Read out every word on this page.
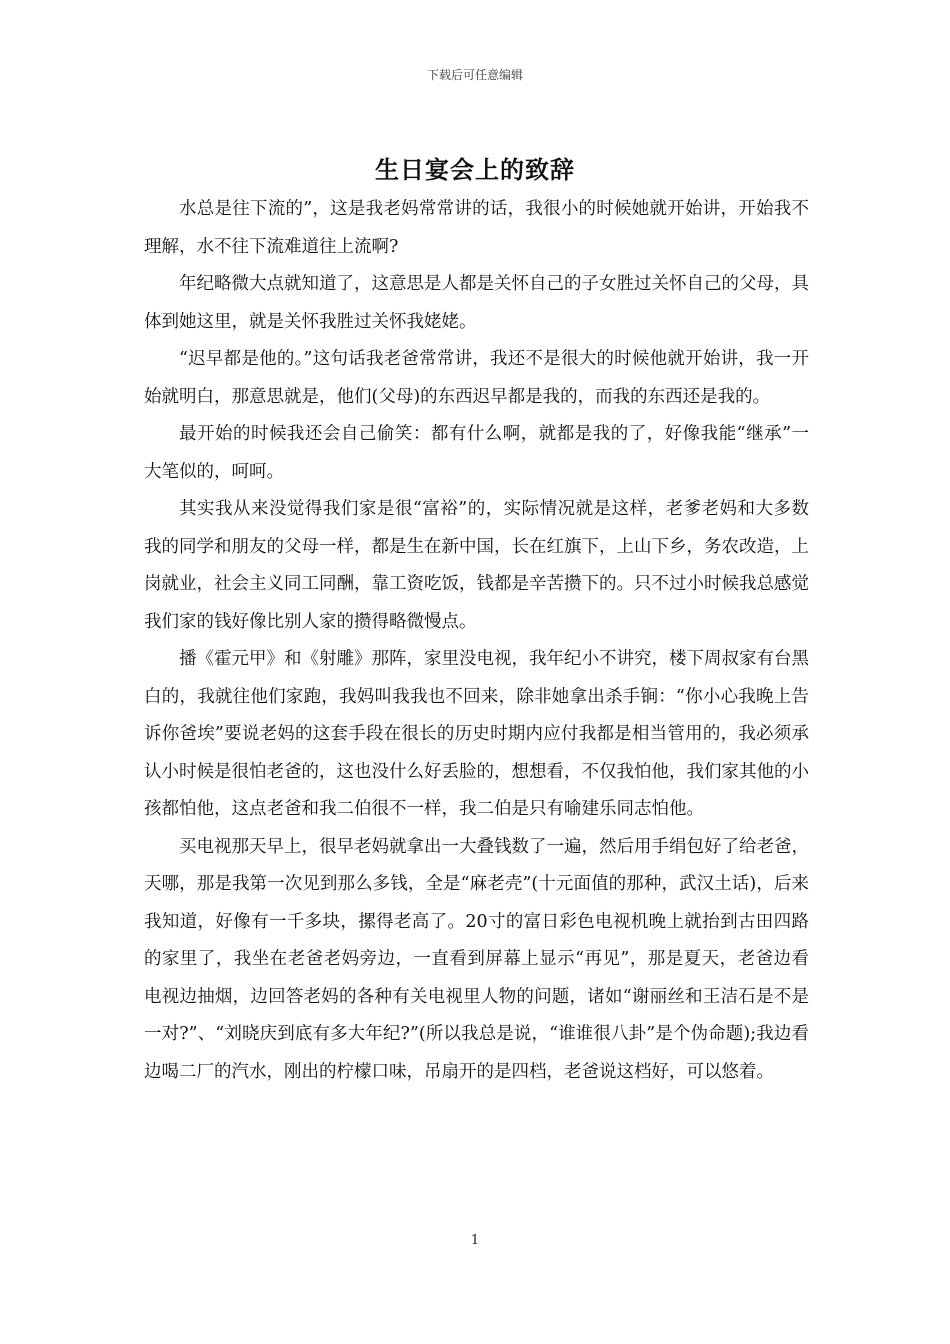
下载后可任意编辑
生日宴会上的致辞

水总是往下流的”，这是我老妈常常讲的话，我很小的时候她就开始讲，开始我不理解，水不往下流难道往上流啊?

年纪略微大点就知道了，这意思是人都是关怀自己的子女胜过关怀自己的父母，具体到她这里，就是关怀我胜过关怀我姥姥。

“迟早都是他的。”这句话我老爸常常讲，我还不是很大的时候他就开始讲，我一开始就明白，那意思就是，他们(父母)的东西迟早都是我的，而我的东西还是我的。

最开始的时候我还会自己偷笑：都有什么啊，就都是我的了，好像我能“继承”一大笔似的，呵呵。

其实我从来没觉得我们家是很“富裕”的，实际情况就是这样，老爹老妈和大多数我的同学和朋友的父母一样，都是生在新中国，长在红旗下，上山下乡，务农改造，上岗就业，社会主义同工同酬，靠工资吃饭，钱都是辛苦攒下的。只不过小时候我总感觉我们家的钱好像比别人家的攒得略微慢点。

播《霍元甲》和《射雕》那阵，家里没电视，我年纪小不讲究，楼下周叔家有台黑白的，我就往他们家跑，我妈叫我我也不回来，除非她拿出杀手锏：“你小心我晚上告诉你爸埃”要说老妈的这套手段在很长的历史时期内应付我都是相当管用的，我必须承认小时候是很怕老爸的，这也没什么好丢脸的，想想看，不仅我怕他，我们家其他的小孩都怕他，这点老爸和我二伯很不一样，我二伯是只有喻建乐同志怕他。

买电视那天早上，很早老妈就拿出一大叠钱数了一遍，然后用手绢包好了给老爸，天哪，那是我第一次见到那么多钱，全是“麻老壳”(十元面值的那种，武汉土话)，后来我知道，好像有一千多块，摞得老高了。20寸的富日彩色电视机晚上就抬到古田四路的家里了，我坐在老爸老妈旁边，一直看到屏幕上显示“再见”，那是夏天，老爸边看电视边抽烟，边回答老妈的各种有关电视里人物的问题，诸如“谢丽丝和王洁石是不是一对?”、“刘晓庆到底有多大年纪?”(所以我总是说，“谁谁很八卦”是个伪命题);我边看边喝二厂的汽水，刚出的柠檬口味，吊扇开的是四档，老爸说这档好，可以悠着。

1
